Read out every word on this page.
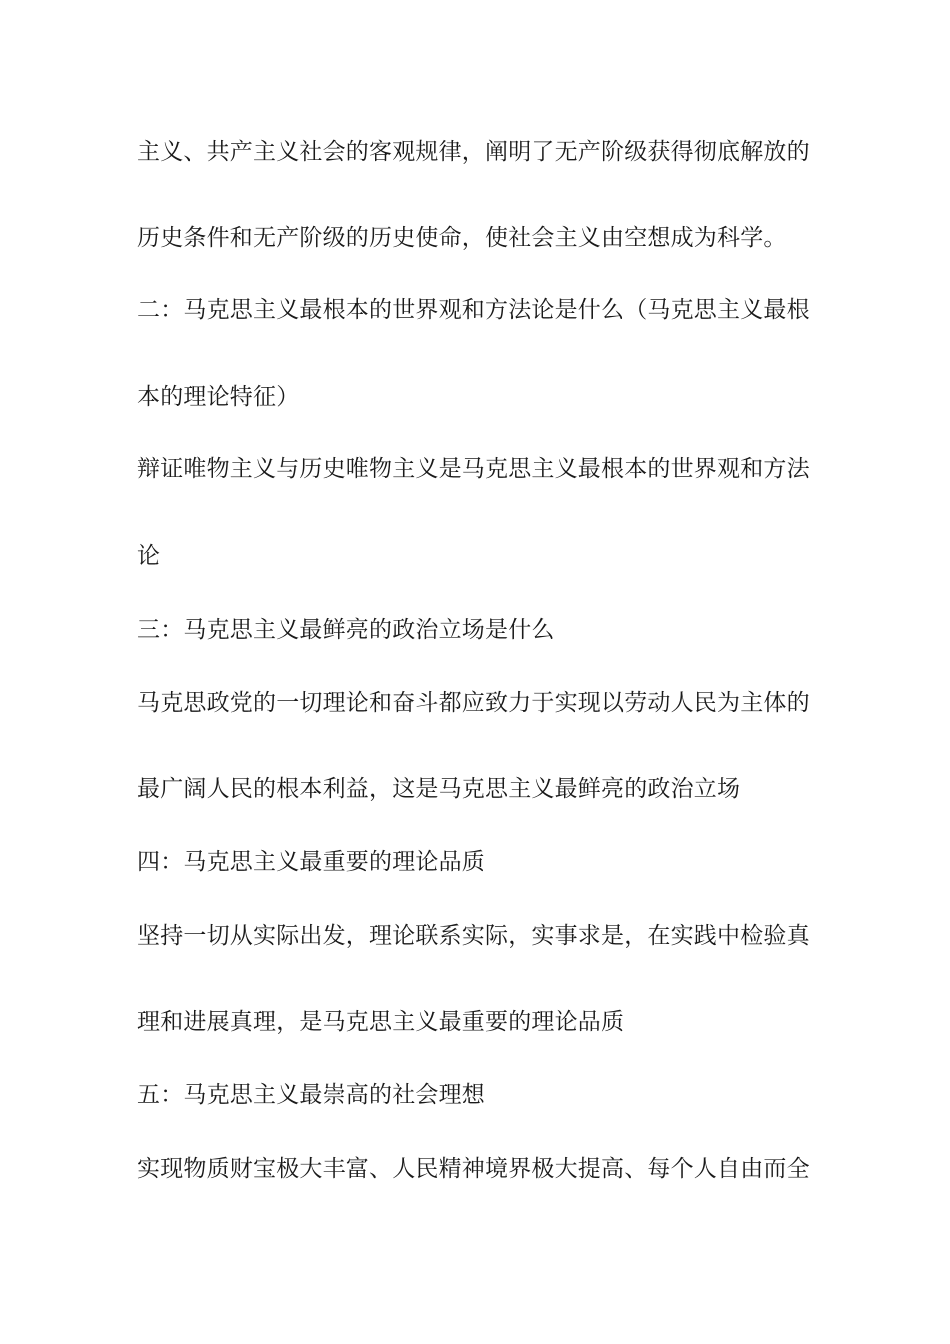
主义、共产主义社会的客观规律，阐明了无产阶级获得彻底解放的
历史条件和无产阶级的历史使命，使社会主义由空想成为科学。
二：马克思主义最根本的世界观和方法论是什么（马克思主义最根
本的理论特征）
辩证唯物主义与历史唯物主义是马克思主义最根本的世界观和方法
论
三：马克思主义最鲜亮的政治立场是什么
马克思政党的一切理论和奋斗都应致力于实现以劳动人民为主体的
最广阔人民的根本利益，这是马克思主义最鲜亮的政治立场
四：马克思主义最重要的理论品质
坚持一切从实际出发，理论联系实际，实事求是，在实践中检验真
理和进展真理，是马克思主义最重要的理论品质
五：马克思主义最崇高的社会理想
实现物质财宝极大丰富、人民精神境界极大提高、每个人自由而全
